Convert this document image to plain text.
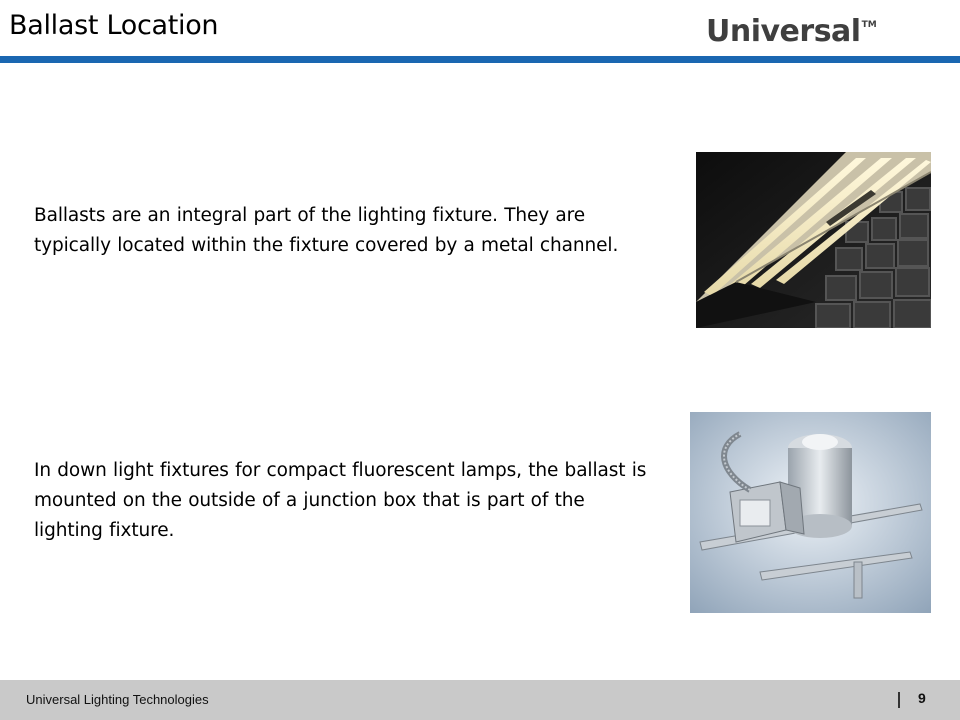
Ballast Location	Universal TM
Ballasts are an integral part of the lighting fixture. They are typically located within the fixture covered by a metal channel.
In down light fixtures for compact fluorescent lamps, the ballast is mounted on the outside of a junction box that is part of the lighting fixture.
Universal Lighting Technologies	9
